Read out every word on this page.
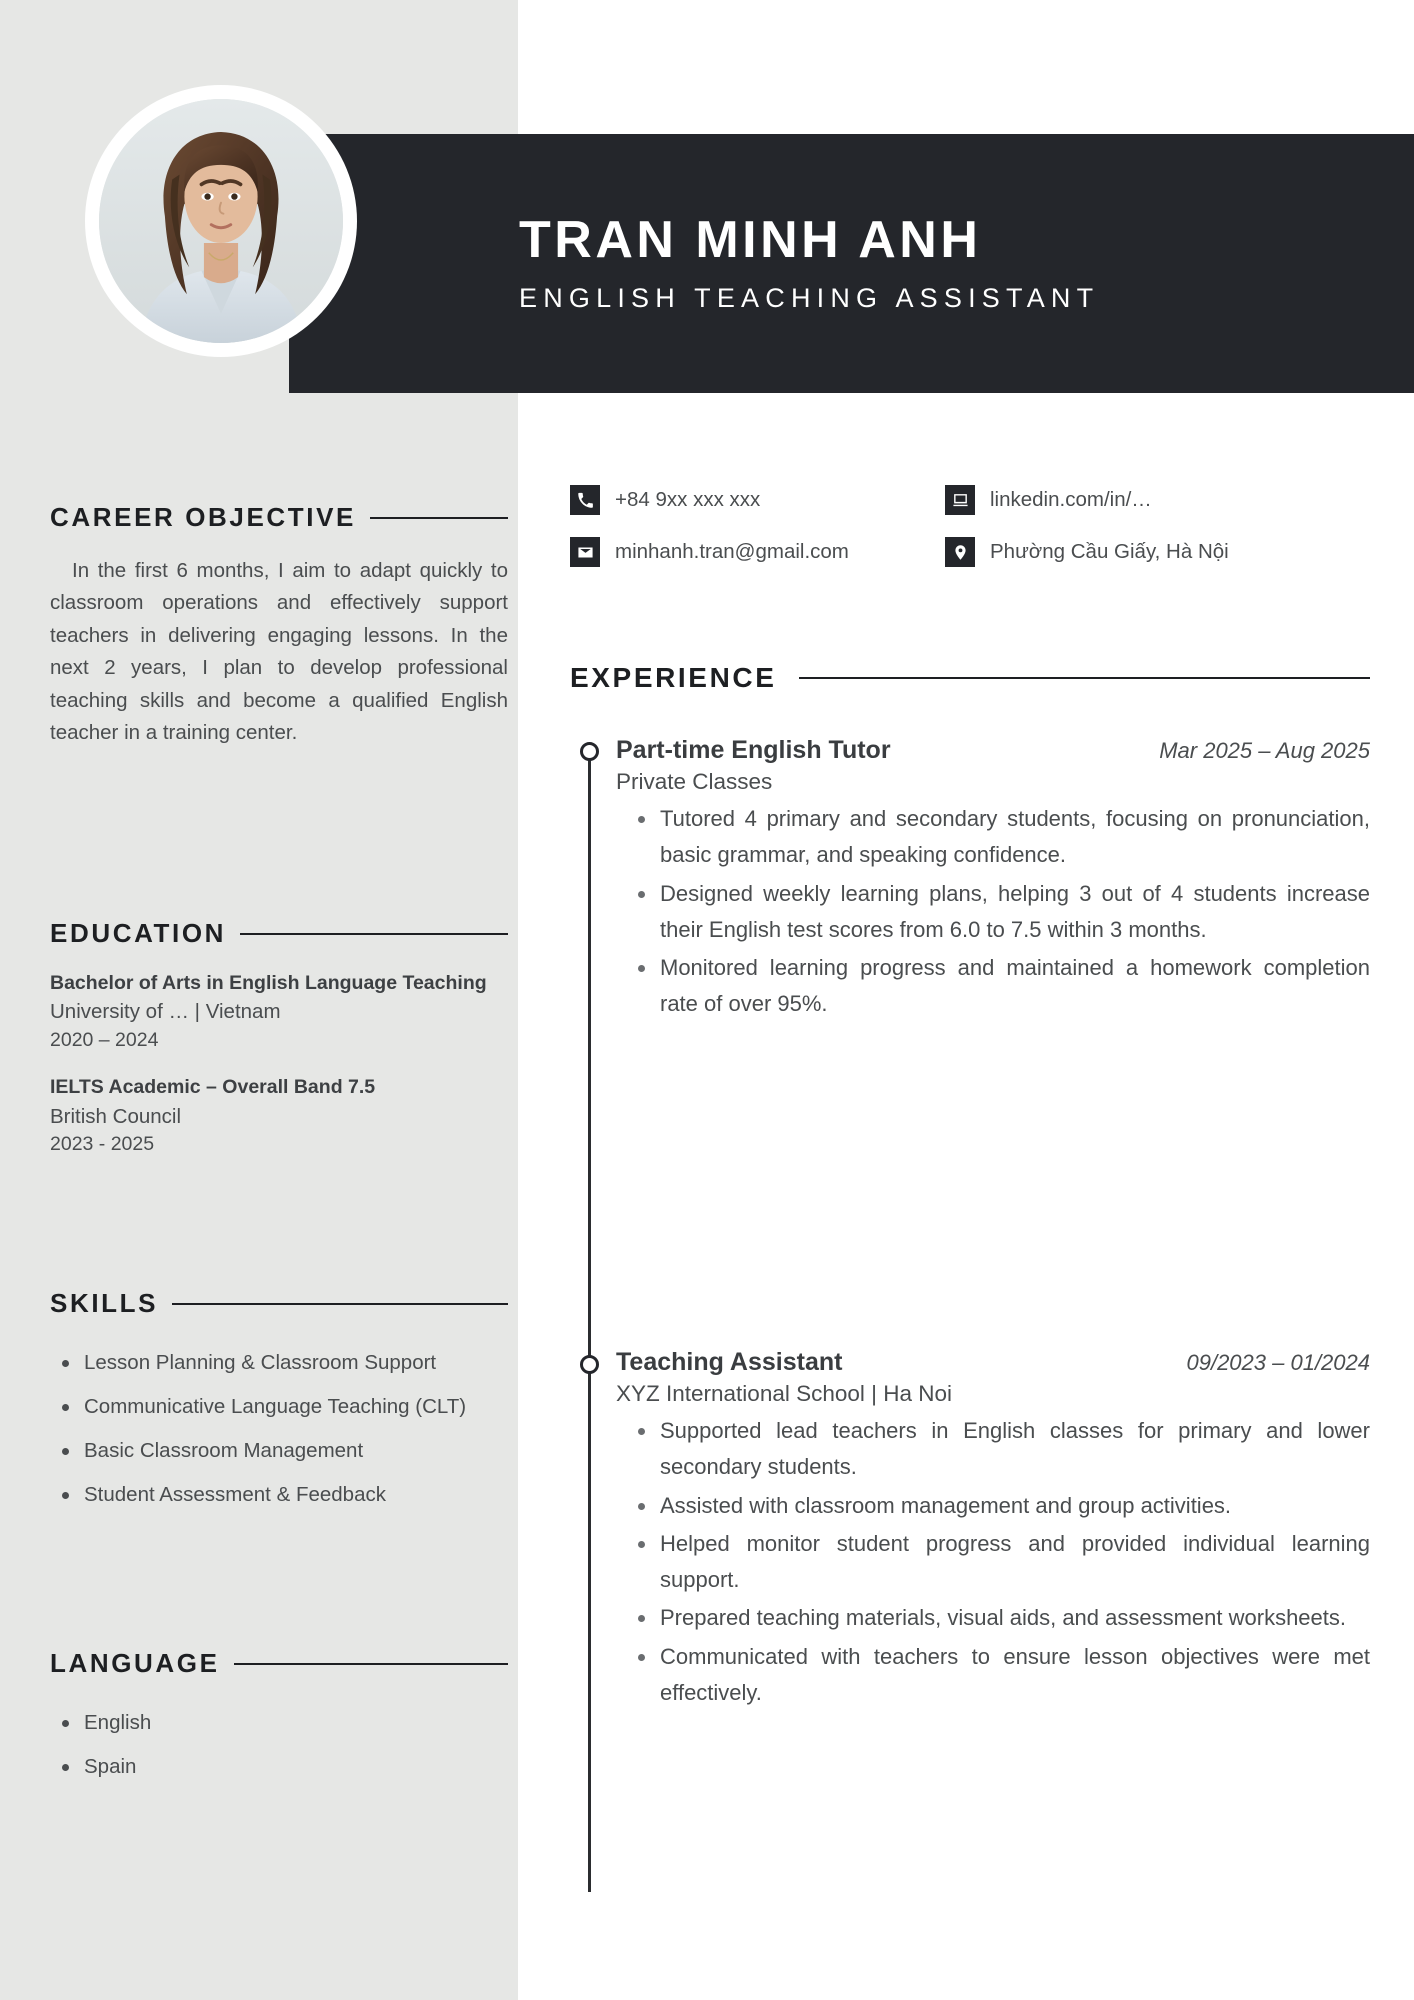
TRAN MINH ANH
ENGLISH TEACHING ASSISTANT
+84 9xx xxx xxx	linkedin.com/in/…
minhanh.tran@gmail.com	Phường Cầu Giấy, Hà Nội
CAREER OBJECTIVE

In the first 6 months, I aim to adapt quickly to classroom operations and effectively support teachers in delivering engaging lessons. In the next 2 years, I plan to develop professional teaching skills and become a qualified English teacher in a training center.

EDUCATION
Bachelor of Arts in English Language Teaching
University of … | Vietnam
2020 – 2024
IELTS Academic – Overall Band 7.5
British Council
2023 - 2025
SKILLS
Lesson Planning & Classroom Support
Communicative Language Teaching (CLT)
Basic Classroom Management
Student Assessment & Feedback
LANGUAGE
English
Spain
EXPERIENCE
Part-time English Tutor	Mar 2025 – Aug 2025
Private Classes
Tutored 4 primary and secondary students, focusing on pronunciation, basic grammar, and speaking confidence.
Designed weekly learning plans, helping 3 out of 4 students increase their English test scores from 6.0 to 7.5 within 3 months.
Monitored learning progress and maintained a homework completion rate of over 95%.
Teaching Assistant	09/2023 – 01/2024
XYZ International School | Ha Noi
Supported lead teachers in English classes for primary and lower secondary students.
Assisted with classroom management and group activities.
Helped monitor student progress and provided individual learning support.
Prepared teaching materials, visual aids, and assessment worksheets.
Communicated with teachers to ensure lesson objectives were met effectively.
